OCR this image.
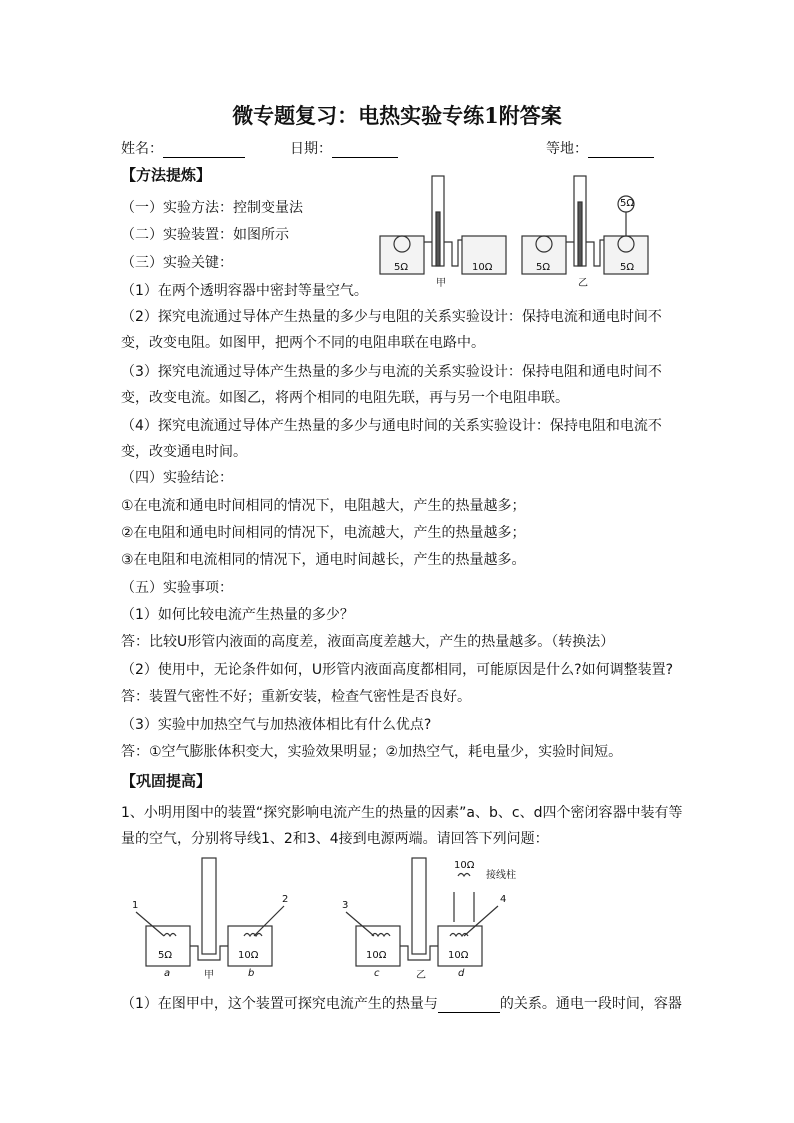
微专题复习：电热实验专练1附答案
姓名：	日期：	等地：
【方法提炼】
（一）实验方法：控制变量法
（二）实验装置：如图所示
（三）实验关键：
（1）在两个透明容器中密封等量空气。
5Ω	10Ω
甲
5Ω	5Ω
5Ω
乙
（2）探究电流通过导体产生热量的多少与电阻的关系实验设计：保持电流和通电时间不变，改变电阻。如图甲，把两个不同的电阻串联在电路中。
（3）探究电流通过导体产生热量的多少与电流的关系实验设计：保持电阻和通电时间不变，改变电流。如图乙，将两个相同的电阻先联，再与另一个电阻串联。
（4）探究电流通过导体产生热量的多少与通电时间的关系实验设计：保持电阻和电流不变，改变通电时间。
（四）实验结论：
①在电流和通电时间相同的情况下，电阻越大，产生的热量越多；
②在电阻和通电时间相同的情况下，电流越大，产生的热量越多；
③在电阻和电流相同的情况下，通电时间越长，产生的热量越多。
（五）实验事项：
（1）如何比较电流产生热量的多少？
答：比较U形管内液面的高度差，液面高度差越大，产生的热量越多。（转换法）
（2）使用中，无论条件如何，U形管内液面高度都相同，可能原因是什么?如何调整装置?
答：装置气密性不好；重新安装，检查气密性是否良好。
（3）实验中加热空气与加热液体相比有什么优点?
答：①空气膨胀体积变大，实验效果明显；②加热空气，耗电量少，实验时间短。
【巩固提高】
1、小明用图中的装置“探究影响电流产生的热量的因素”a、b、c、d四个密闭容器中装有等量的空气，分别将导线1、2和3、4接到电源两端。请回答下列问题：
1
2
5Ω	10Ω
a	b
甲
3
4
10Ω	10Ω
10Ω
接线柱
c	d
乙
（1）在图甲中，这个装置可探究电流产生的热量与	的关系。通电一段时间，容器
